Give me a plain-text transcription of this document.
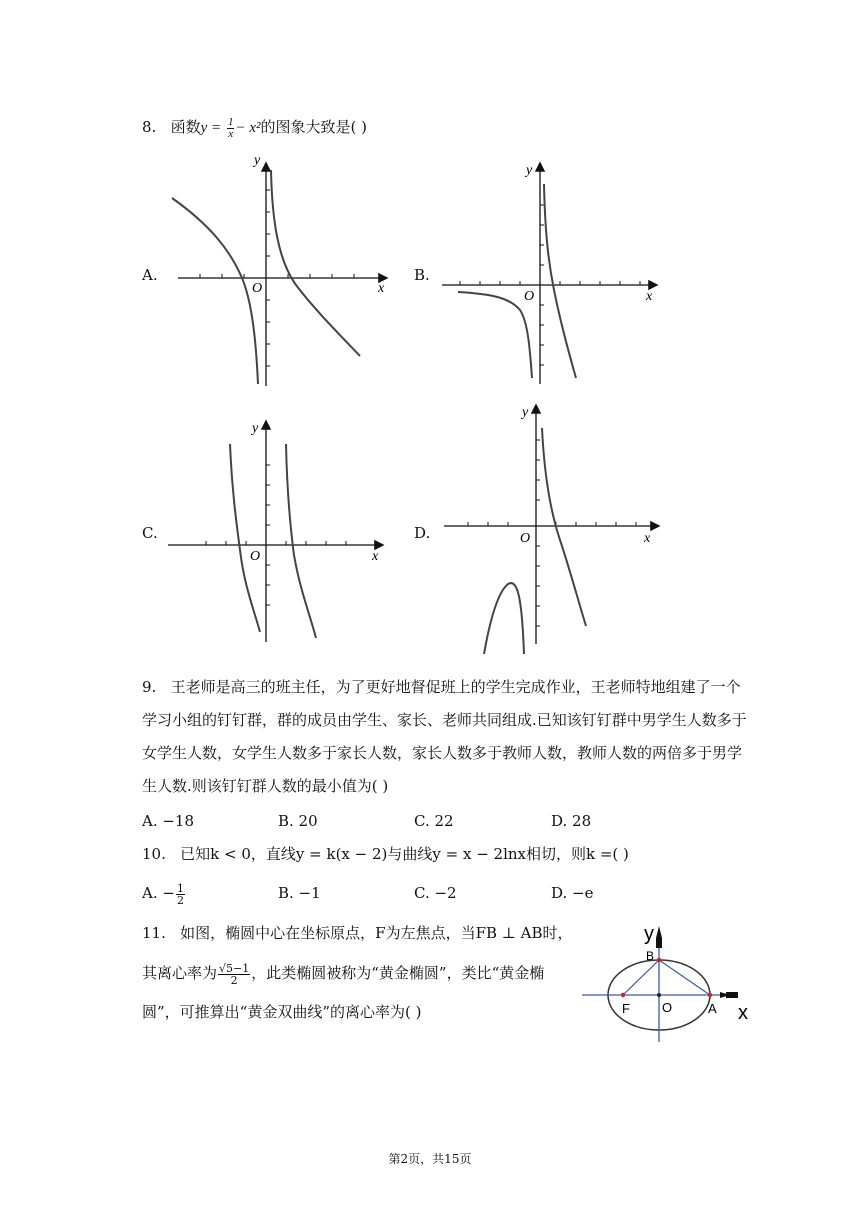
8. 函数$y = \frac{1}{x} - x^2$的图象大致是( )
A.	B.
C.	D.
y
x
O
y
x
O
y
x
O
y
x
O
9. 王老师是高三的班主任，为了更好地督促班上的学生完成作业，王老师特地组建了一个
学习小组的钉钉群，群的成员由学生、家长、老师共同组成.已知该钉钉群中男学生人数多于
女学生人数，女学生人数多于家长人数，家长人数多于教师人数，教师人数的两倍多于男学
生人数.则该钉钉群人数的最小值为( )
A. −18	B. 20	C. 22	D. 28
10. 已知k < 0，直线y = k(x − 2)与曲线y = x − 2lnx相切，则k =( )
A. − $\frac{1}{2}$	B. −1	C. −2	D. −e
11. 如图，椭圆中心在坐标原点，F为左焦点，当FB ⊥ AB时，
其离心率为 $\frac{√5-1}{2}$ ，此类椭圆被称为“黄金椭圆”，类比“黄金椭
圆”，可推算出“黄金双曲线”的离心率为( )
y
x
B
F O	A
第2页，共15页
